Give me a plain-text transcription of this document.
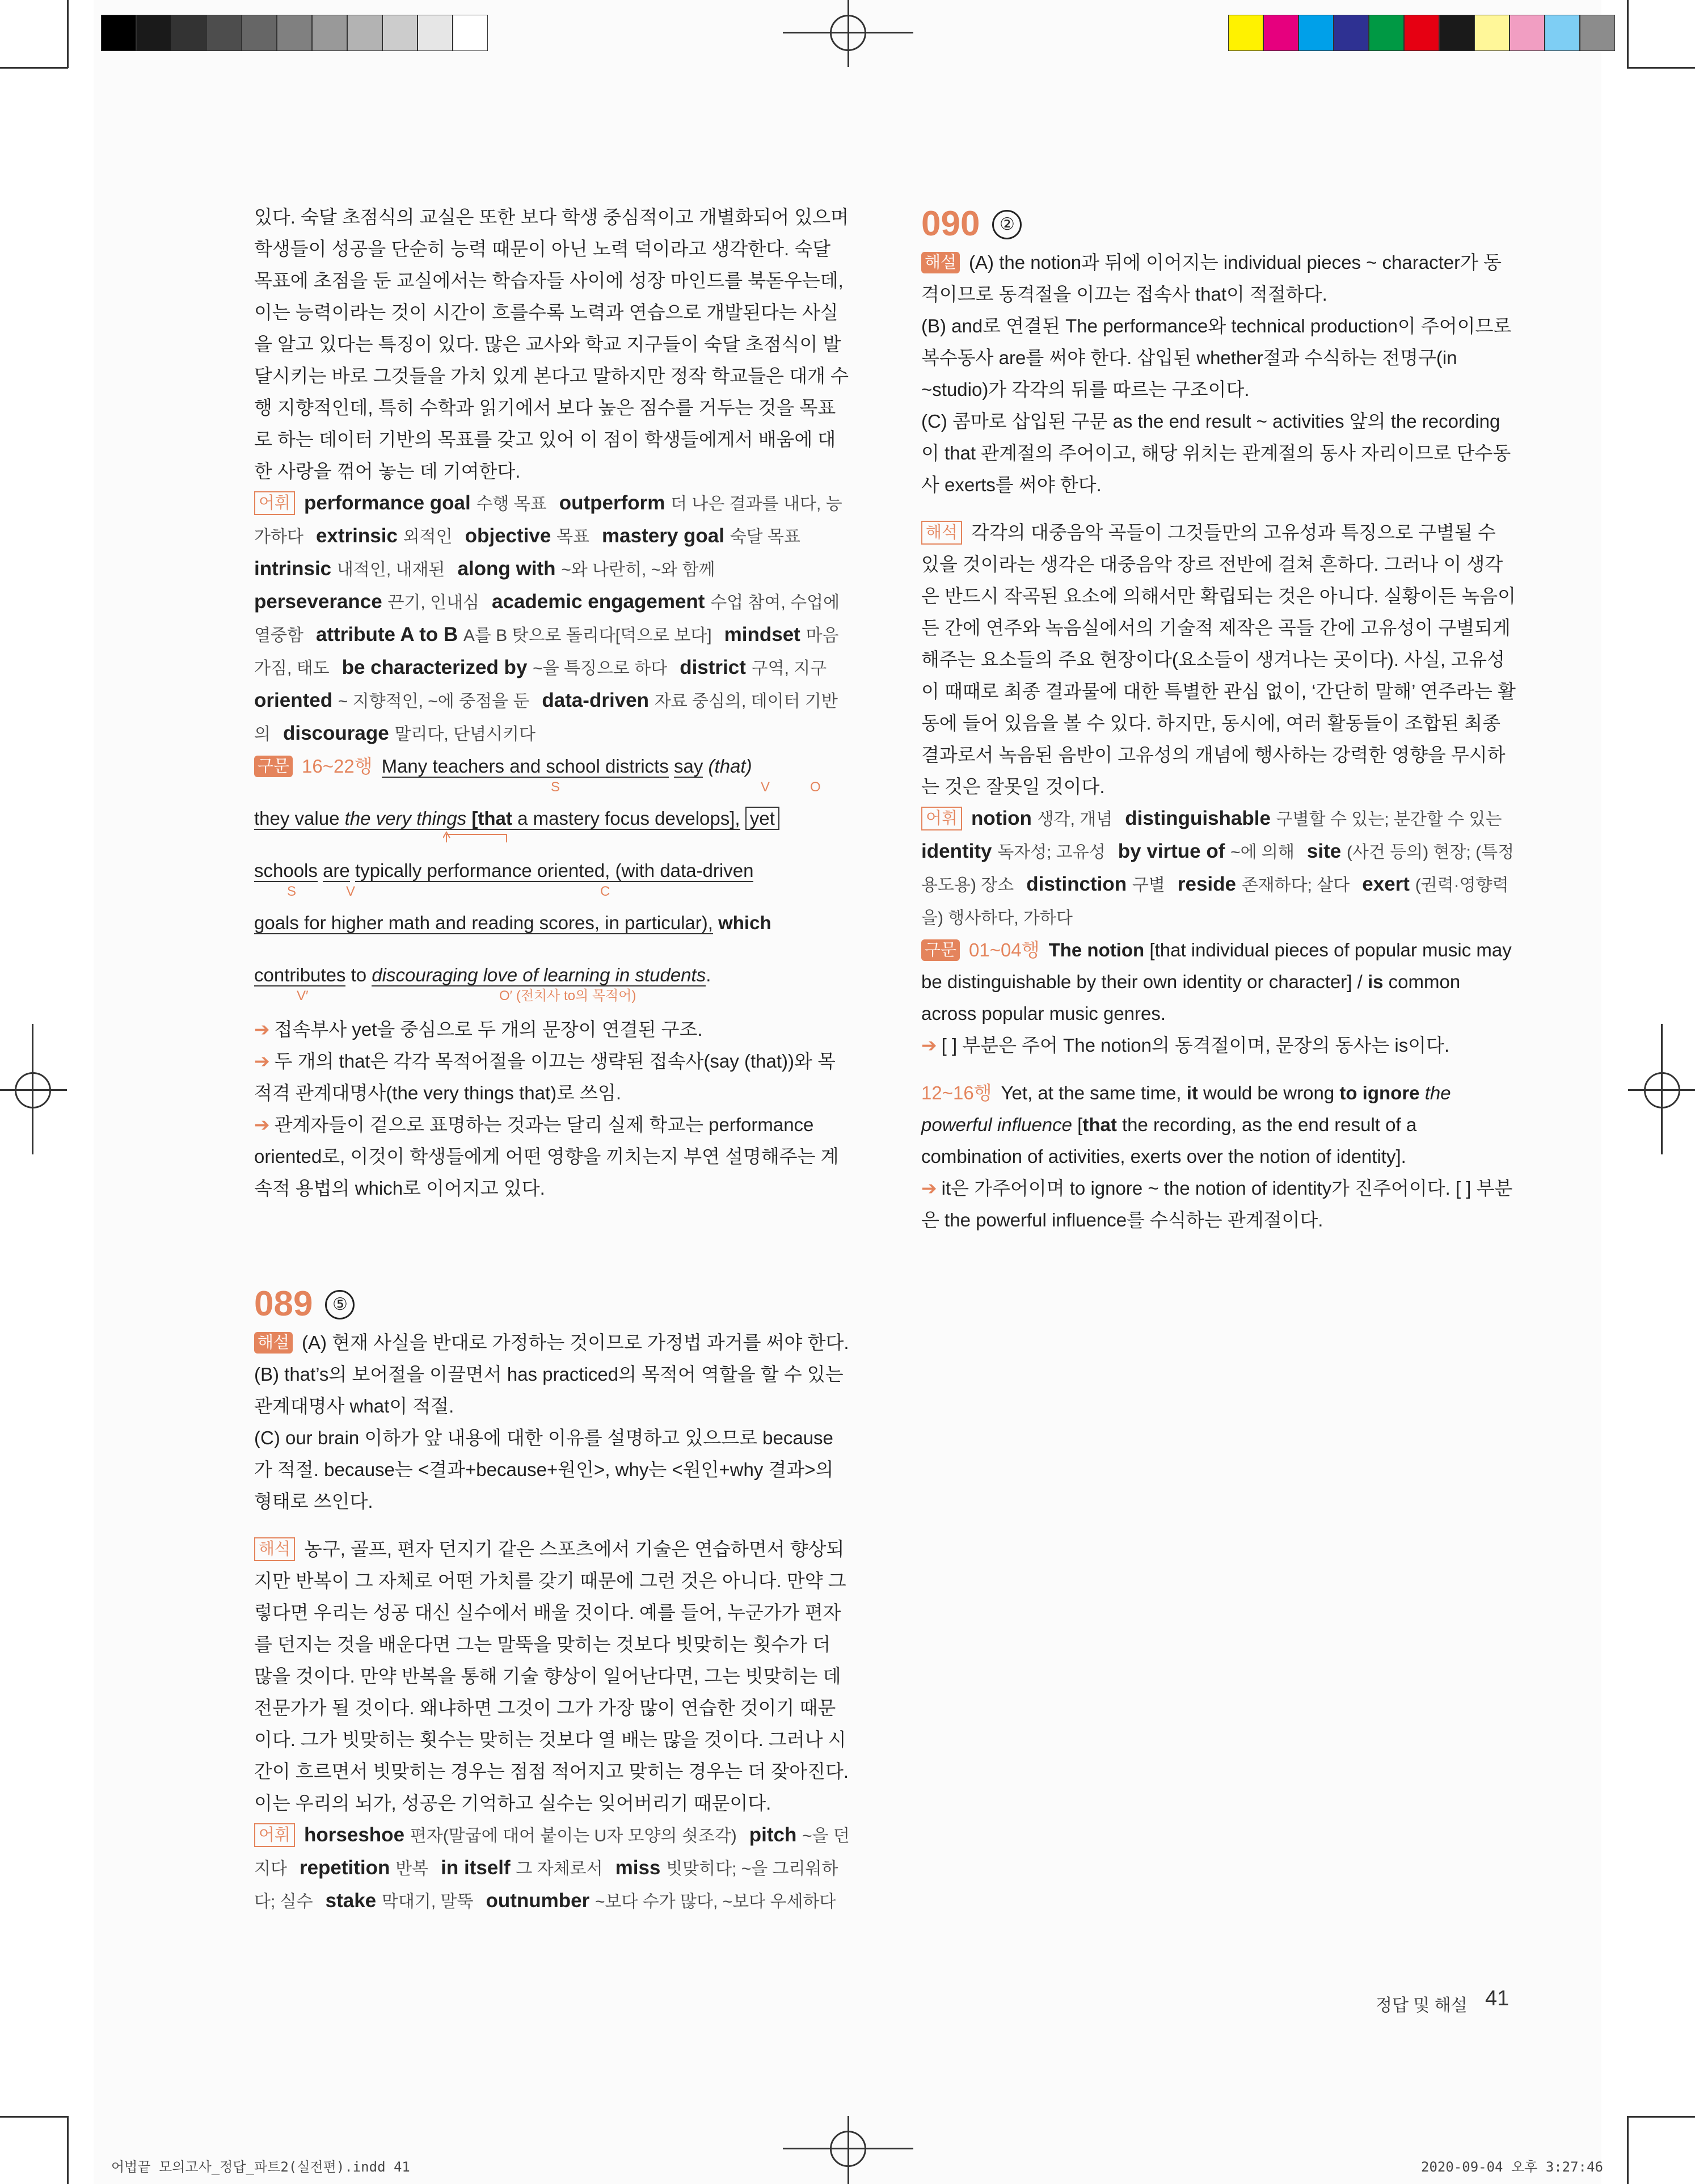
있다. 숙달 초점식의 교실은 또한 보다 학생 중심적이고 개별화되어 있으며 학생들이 성공을 단순히 능력 때문이 아닌 노력 덕이라고 생각한다. 숙달 목표에 초점을 둔 교실에서는 학습자들 사이에 성장 마인드를 북돋우는데, 이는 능력이라는 것이 시간이 흐를수록 노력과 연습으로 개발된다는 사실을 알고 있다는 특징이 있다. 많은 교사와 학교 지구들이 숙달 초점식이 발달시키는 바로 그것들을 가치 있게 본다고 말하지만 정작 학교들은 대개 수행 지향적인데, 특히 수학과 읽기에서 보다 높은 점수를 거두는 것을 목표로 하는 데이터 기반의 목표를 갖고 있어 이 점이 학생들에게서 배움에 대한 사랑을 꺾어 놓는 데 기여한다.

어휘 performance goal 수행 목표 outperform 더 나은 결과를 내다, 능가하다 extrinsic 외적인 objective 목표 mastery goal 숙달 목표intrinsic 내적인, 내재된 along with ~와 나란히, ~와 함께perseverance 끈기, 인내심 academic engagement 수업 참여, 수업에 열중함 attribute A to B A를 B 탓으로 돌리다[덕으로 보다] mindset 마음가짐, 태도 be characterized by ~을 특징으로 하다 district 구역, 지구oriented ~ 지향적인, ~에 중점을 둔 data-driven 자료 중심의, 데이터 기반의 discourage 말리다, 단념시키다

구문 16~22행 Many teachers and school districts say (that)
S	V	O
they value the very things [that a mastery focus develops], yet
schools are typically performance oriented, (with data-driven
S	V	C
goals for higher math and reading scores, in particular), which
contributes to discouraging love of learning in students.
V′	O′ (전치사 to의 목적어)

➔ 접속부사 yet을 중심으로 두 개의 문장이 연결된 구조.

➔ 두 개의 that은 각각 목적어절을 이끄는 생략된 접속사(say (that))와 목적격 관계대명사(the very things that)로 쓰임.

➔ 관계자들이 겉으로 표명하는 것과는 달리 실제 학교는 performance oriented로, 이것이 학생들에게 어떤 영향을 끼치는지 부연 설명해주는 계속적 용법의 which로 이어지고 있다.

089 ⑤

해설 (A) 현재 사실을 반대로 가정하는 것이므로 가정법 과거를 써야 한다.

(B) that’s의 보어절을 이끌면서 has practiced의 목적어 역할을 할 수 있는 관계대명사 what이 적절.

(C) our brain 이하가 앞 내용에 대한 이유를 설명하고 있으므로 because가 적절. because는 <결과+because+원인>, why는 <원인+why 결과>의 형태로 쓰인다.

해석 농구, 골프, 편자 던지기 같은 스포츠에서 기술은 연습하면서 향상되지만 반복이 그 자체로 어떤 가치를 갖기 때문에 그런 것은 아니다. 만약 그렇다면 우리는 성공 대신 실수에서 배울 것이다. 예를 들어, 누군가가 편자를 던지는 것을 배운다면 그는 말뚝을 맞히는 것보다 빗맞히는 횟수가 더 많을 것이다. 만약 반복을 통해 기술 향상이 일어난다면, 그는 빗맞히는 데 전문가가 될 것이다. 왜냐하면 그것이 그가 가장 많이 연습한 것이기 때문이다. 그가 빗맞히는 횟수는 맞히는 것보다 열 배는 많을 것이다. 그러나 시간이 흐르면서 빗맞히는 경우는 점점 적어지고 맞히는 경우는 더 잦아진다. 이는 우리의 뇌가, 성공은 기억하고 실수는 잊어버리기 때문이다.

어휘 horseshoe 편자(말굽에 대어 붙이는 U자 모양의 쇳조각) pitch ~을 던지다 repetition 반복 in itself 그 자체로서 miss 빗맞히다; ~을 그리워하다; 실수 stake 막대기, 말뚝 outnumber ~보다 수가 많다, ~보다 우세하다

090 ②

해설 (A) the notion과 뒤에 이어지는 individual pieces ~ character가 동격이므로 동격절을 이끄는 접속사 that이 적절하다.

(B) and로 연결된 The performance와 technical production이 주어이므로 복수동사 are를 써야 한다. 삽입된 whether절과 수식하는 전명구(in ~studio)가 각각의 뒤를 따르는 구조이다.

(C) 콤마로 삽입된 구문 as the end result ~ activities 앞의 the recording이 that 관계절의 주어이고, 해당 위치는 관계절의 동사 자리이므로 단수동사 exerts를 써야 한다.

해석 각각의 대중음악 곡들이 그것들만의 고유성과 특징으로 구별될 수 있을 것이라는 생각은 대중음악 장르 전반에 걸쳐 흔하다. 그러나 이 생각은 반드시 작곡된 요소에 의해서만 확립되는 것은 아니다. 실황이든 녹음이든 간에 연주와 녹음실에서의 기술적 제작은 곡들 간에 고유성이 구별되게 해주는 요소들의 주요 현장이다(요소들이 생겨나는 곳이다). 사실, 고유성이 때때로 최종 결과물에 대한 특별한 관심 없이, ‘간단히 말해’ 연주라는 활동에 들어 있음을 볼 수 있다. 하지만, 동시에, 여러 활동들이 조합된 최종 결과로서 녹음된 음반이 고유성의 개념에 행사하는 강력한 영향을 무시하는 것은 잘못일 것이다.

어휘 notion 생각, 개념 distinguishable 구별할 수 있는; 분간할 수 있는identity 독자성; 고유성 by virtue of ~에 의해 site (사건 등의) 현장; (특정 용도용) 장소 distinction 구별 reside 존재하다; 살다 exert (권력·영향력을) 행사하다, 가하다

구문 01~04행 The notion [that individual pieces of popular music may be distinguishable by their own identity or character] / is common across popular music genres.

➔ [ ] 부분은 주어 The notion의 동격절이며, 문장의 동사는 is이다.

12~16행 Yet, at the same time, it would be wrong to ignore the powerful influence [that the recording, as the end result of a combination of activities, exerts over the notion of identity].

➔ it은 가주어이며 to ignore ~ the notion of identity가 진주어이다. [ ] 부분은 the powerful influence를 수식하는 관계절이다.

정답 및 해설 41
어법끝 모의고사_정답_파트2(실전편).indd 41	2020-09-04 오후 3:27:46
